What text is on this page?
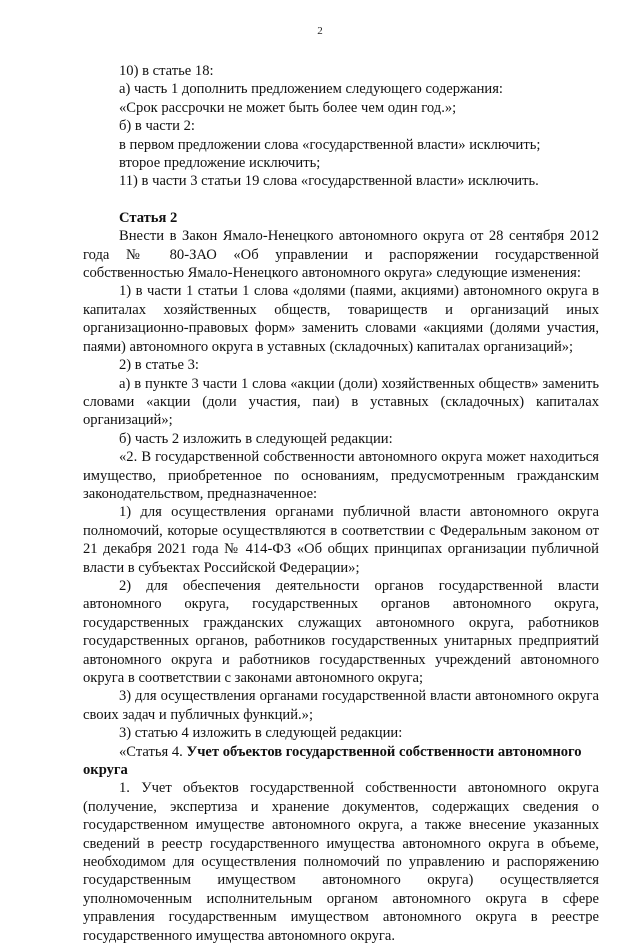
2

10) в статье 18:

а) часть 1 дополнить предложением следующего содержания:

«Срок рассрочки не может быть более чем один год.»;

б) в части 2:

в первом предложении слова «государственной власти» исключить;

второе предложение исключить;

11) в части 3 статьи 19 слова «государственной власти» исключить.

Статья 2

Внести в Закон Ямало-Ненецкого автономного округа от 28 сентября 2012 года № 80-ЗАО «Об управлении и распоряжении государственной собственностью Ямало-Ненецкого автономного округа» следующие изменения:

1) в части 1 статьи 1 слова «долями (паями, акциями) автономного округа в капиталах хозяйственных обществ, товариществ и организаций иных организационно-правовых форм» заменить словами «акциями (долями участия, паями) автономного округа в уставных (складочных) капиталах организаций»;

2) в статье 3:

а) в пункте 3 части 1 слова «акции (доли) хозяйственных обществ» заменить словами «акции (доли участия, паи) в уставных (складочных) капиталах организаций»;

б) часть 2 изложить в следующей редакции:

«2. В государственной собственности автономного округа может находиться имущество, приобретенное по основаниям, предусмотренным гражданским законодательством, предназначенное:

1) для осуществления органами публичной власти автономного округа полномочий, которые осуществляются в соответствии с Федеральным законом от 21 декабря 2021 года № 414-ФЗ «Об общих принципах организации публичной власти в субъектах Российской Федерации»;

2) для обеспечения деятельности органов государственной власти автономного округа, государственных органов автономного округа, государственных гражданских служащих автономного округа, работников государственных органов, работников государственных унитарных предприятий автономного округа и работников государственных учреждений автономного округа в соответствии с законами автономного округа;

3) для осуществления органами государственной власти автономного округа своих задач и публичных функций.»;

3) статью 4 изложить в следующей редакции:

«Статья 4. Учет объектов государственной собственности автономного округа

1. Учет объектов государственной собственности автономного округа (получение, экспертиза и хранение документов, содержащих сведения о государственном имуществе автономного округа, а также внесение указанных сведений в реестр государственного имущества автономного округа в объеме, необходимом для осуществления полномочий по управлению и распоряжению государственным имуществом автономного округа) осуществляется уполномоченным исполнительным органом автономного округа в сфере управления государственным имуществом автономного округа в реестре государственного имущества автономного округа.
